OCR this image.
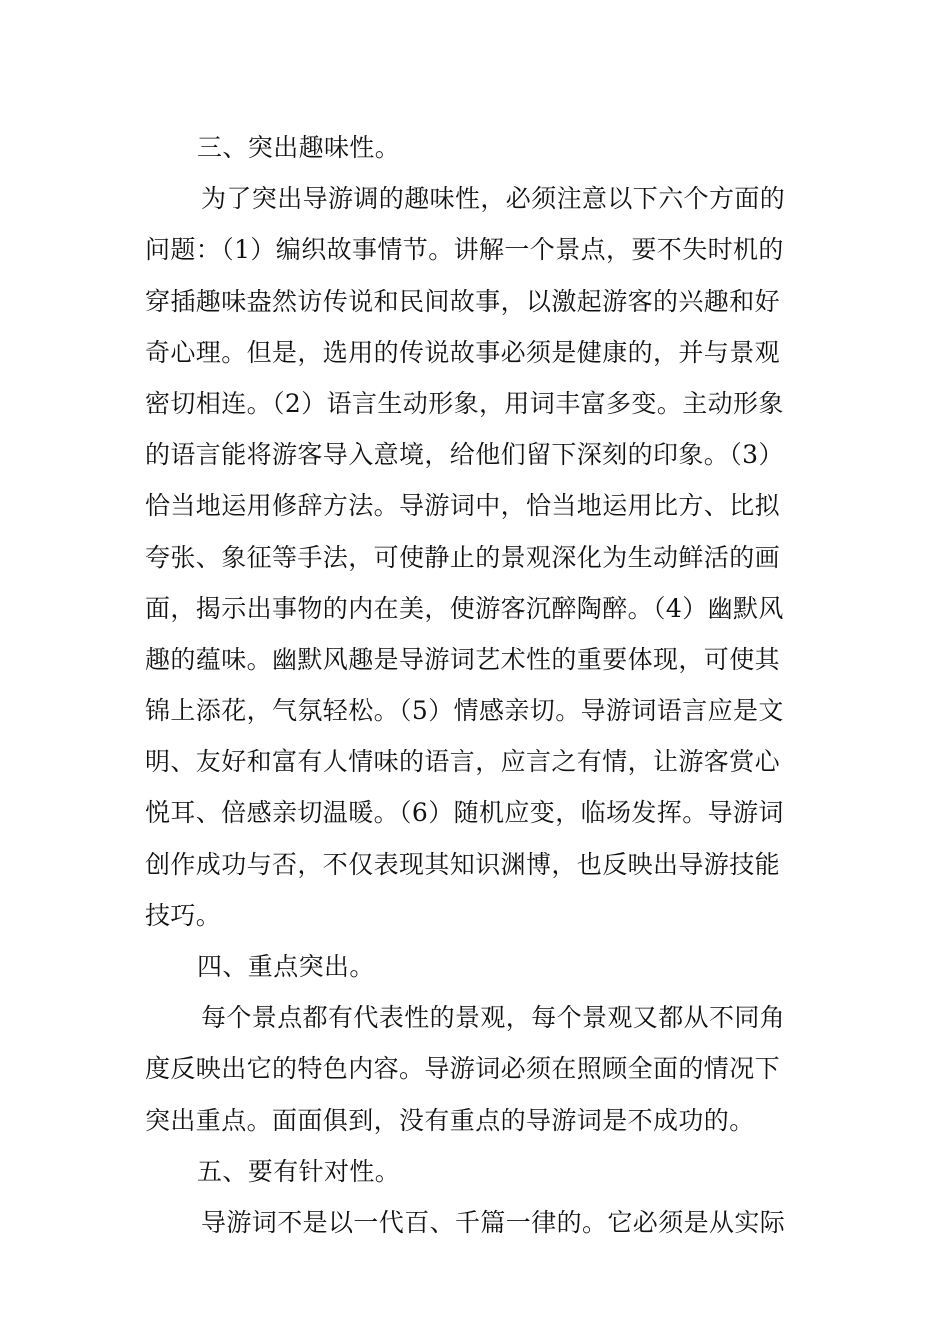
三、突出趣味性。
为了突出导游调的趣味性，必须注意以下六个方面的
问题：（1）编织故事情节。讲解一个景点，要不失时机的
穿插趣味盎然访传说和民间故事，以激起游客的兴趣和好
奇心理。但是，选用的传说故事必须是健康的，并与景观
密切相连。（2）语言生动形象，用词丰富多变。主动形象
的语言能将游客导入意境，给他们留下深刻的印象。（3）
恰当地运用修辞方法。导游词中，恰当地运用比方、比拟
夸张、象征等手法，可使静止的景观深化为生动鲜活的画
面，揭示出事物的内在美，使游客沉醉陶醉。（4）幽默风
趣的蕴味。幽默风趣是导游词艺术性的重要体现，可使其
锦上添花，气氛轻松。（5）情感亲切。导游词语言应是文
明、友好和富有人情味的语言，应言之有情，让游客赏心
悦耳、倍感亲切温暖。（6）随机应变，临场发挥。导游词
创作成功与否，不仅表现其知识渊博，也反映出导游技能
技巧。
四、重点突出。
每个景点都有代表性的景观，每个景观又都从不同角
度反映出它的特色内容。导游词必须在照顾全面的情况下
突出重点。面面俱到，没有重点的导游词是不成功的。
五、要有针对性。
导游词不是以一代百、千篇一律的。它必须是从实际
